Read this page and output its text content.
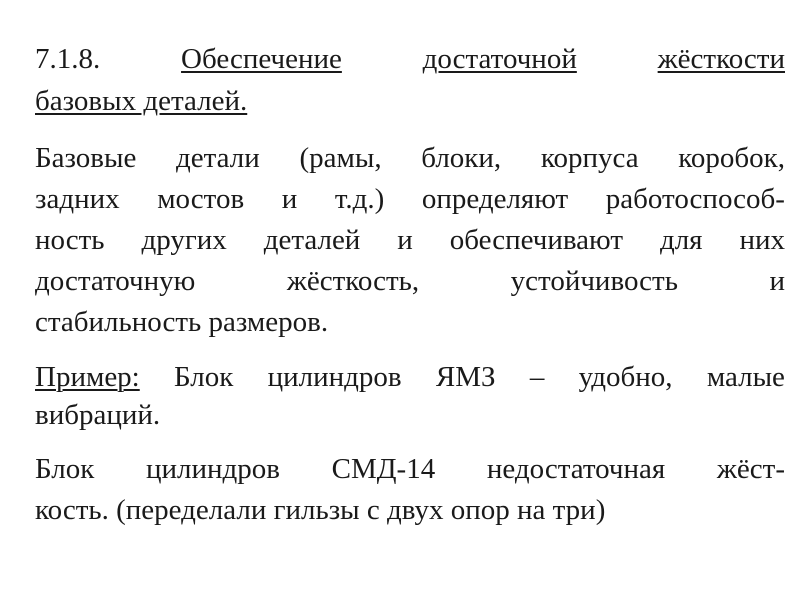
7.1.8.	Обеспечение	достаточной	жёсткости
базовых деталей.
Базовые детали (рамы, блоки, корпуса коробок,
задних мостов и т.д.) определяют работоспособ-
ность других деталей и обеспечивают для них
достаточную	жёсткость,	устойчивость	и
стабильность размеров.
Пример: Блок цилиндров ЯМЗ – удобно, малые
вибраций.
Блок цилиндров СМД-14 недостаточная жёст-
кость. (переделали гильзы с двух опор на три)
